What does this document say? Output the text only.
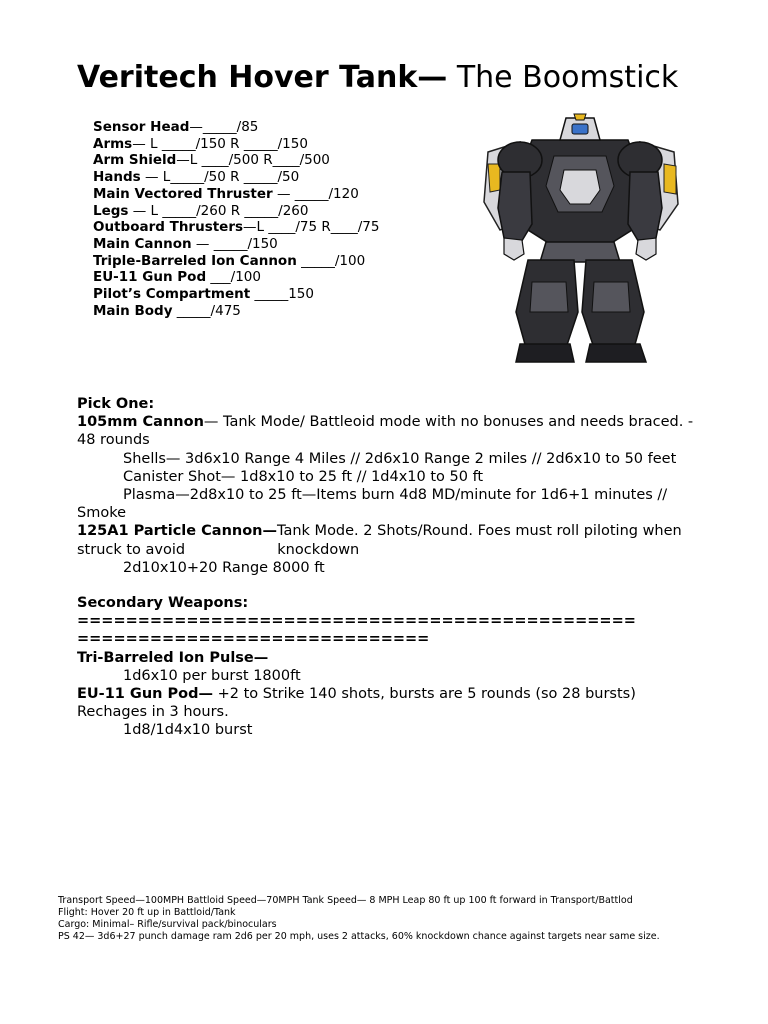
Veritech Hover Tank— The Boomstick
Sensor Head—_____/85
Arms— L _____/150 R _____/150
Arm Shield—L ____/500 R____/500
Hands — L_____/50 R _____/50
Main Vectored Thruster — _____/120
Legs — L _____/260 R _____/260
Outboard Thrusters—L ____/75 R____/75
Main Cannon — _____/150
Triple-Barreled Ion Cannon _____/100
EU-11 Gun Pod ___/100
Pilot’s Compartment _____150
Main Body _____/475
Pick One:
105mm Cannon— Tank Mode/ Battleoid mode with no bonuses and needs braced. - 48 rounds
Shells— 3d6x10 Range 4 Miles // 2d6x10 Range 2 miles // 2d6x10 to 50 feet
Canister Shot— 1d8x10 to 25 ft // 1d4x10 to 50 ft
Plasma—2d8x10 to 25 ft—Items burn 4d8 MD/minute for 1d6+1 minutes //   Smoke
125A1 Particle Cannon—Tank Mode. 2 Shots/Round. Foes must roll piloting when struck to avoid                    knockdown
2d10x10+20 Range 8000 ft
Secondary Weapons:
==============================================
=============================
Tri-Barreled Ion Pulse—
1d6x10 per burst 1800ft
EU-11 Gun Pod— +2 to Strike 140 shots, bursts are 5 rounds (so 28 bursts) Rechages in 3 hours.
1d8/1d4x10 burst
Transport Speed—100MPH Battloid Speed—70MPH Tank Speed— 8 MPH Leap 80 ft up 100 ft forward in Transport/Battlod
Flight: Hover 20 ft up in Battloid/Tank
Cargo: Minimal– Rifle/survival pack/binoculars
PS 42— 3d6+27 punch damage ram 2d6 per 20 mph, uses 2 attacks, 60% knockdown chance against targets near same size.
